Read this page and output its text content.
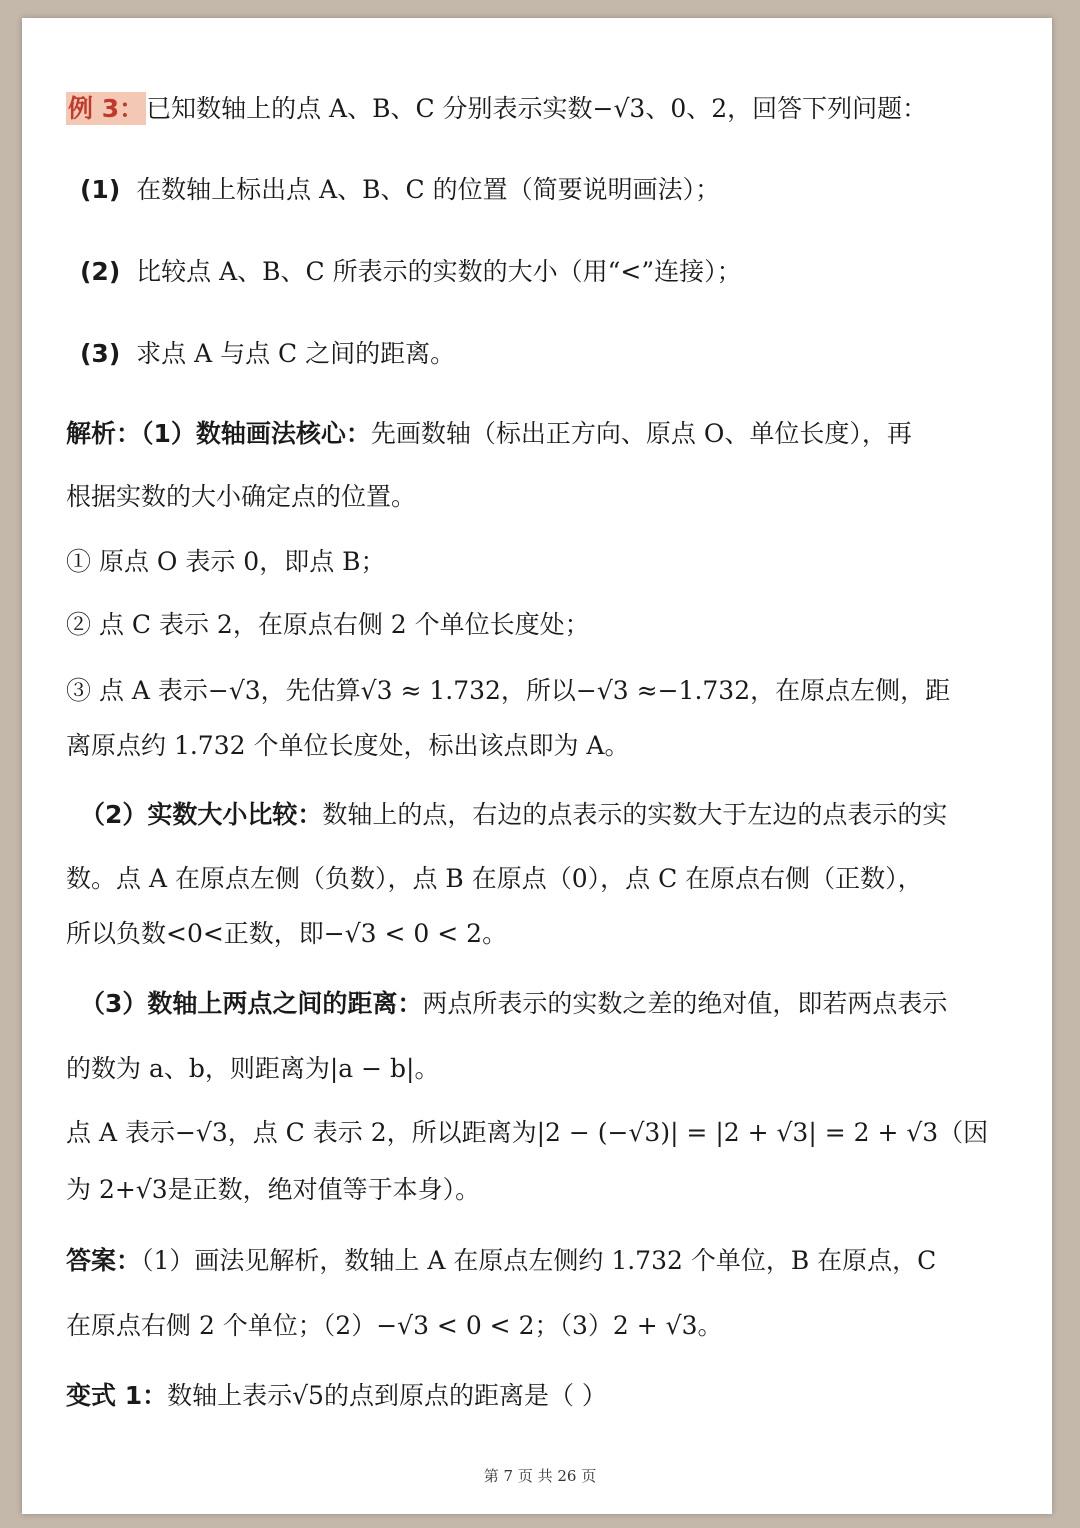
例 3：已知数轴上的点 A、B、C 分别表示实数−√3、0、2，回答下列问题：
(1) 在数轴上标出点 A、B、C 的位置（简要说明画法）；
(2) 比较点 A、B、C 所表示的实数的大小（用“<”连接）；
(3) 求点 A 与点 C 之间的距离。
解析：（1）数轴画法核心：先画数轴（标出正方向、原点 O、单位长度），再
根据实数的大小确定点的位置。
① 原点 O 表示 0，即点 B；
② 点 C 表示 2，在原点右侧 2 个单位长度处；
③ 点 A 表示−√3，先估算√3 ≈ 1.732，所以−√3 ≈−1.732，在原点左侧，距
离原点约 1.732 个单位长度处，标出该点即为 A。
（2）实数大小比较：数轴上的点，右边的点表示的实数大于左边的点表示的实
数。点 A 在原点左侧（负数），点 B 在原点（0），点 C 在原点右侧（正数），
所以负数<0<正数，即−√3 < 0 < 2。
（3）数轴上两点之间的距离：两点所表示的实数之差的绝对值，即若两点表示
的数为 a、b，则距离为|a − b|。
点 A 表示−√3，点 C 表示 2，所以距离为|2 − (−√3)| = |2 + √3| = 2 + √3（因
为 2+√3是正数，绝对值等于本身）。
答案：（1）画法见解析，数轴上 A 在原点左侧约 1.732 个单位，B 在原点，C
在原点右侧 2 个单位；（2）−√3 < 0 < 2；（3）2 + √3。
变式 1：数轴上表示√5的点到原点的距离是（ ）
第 7 页 共 26 页
